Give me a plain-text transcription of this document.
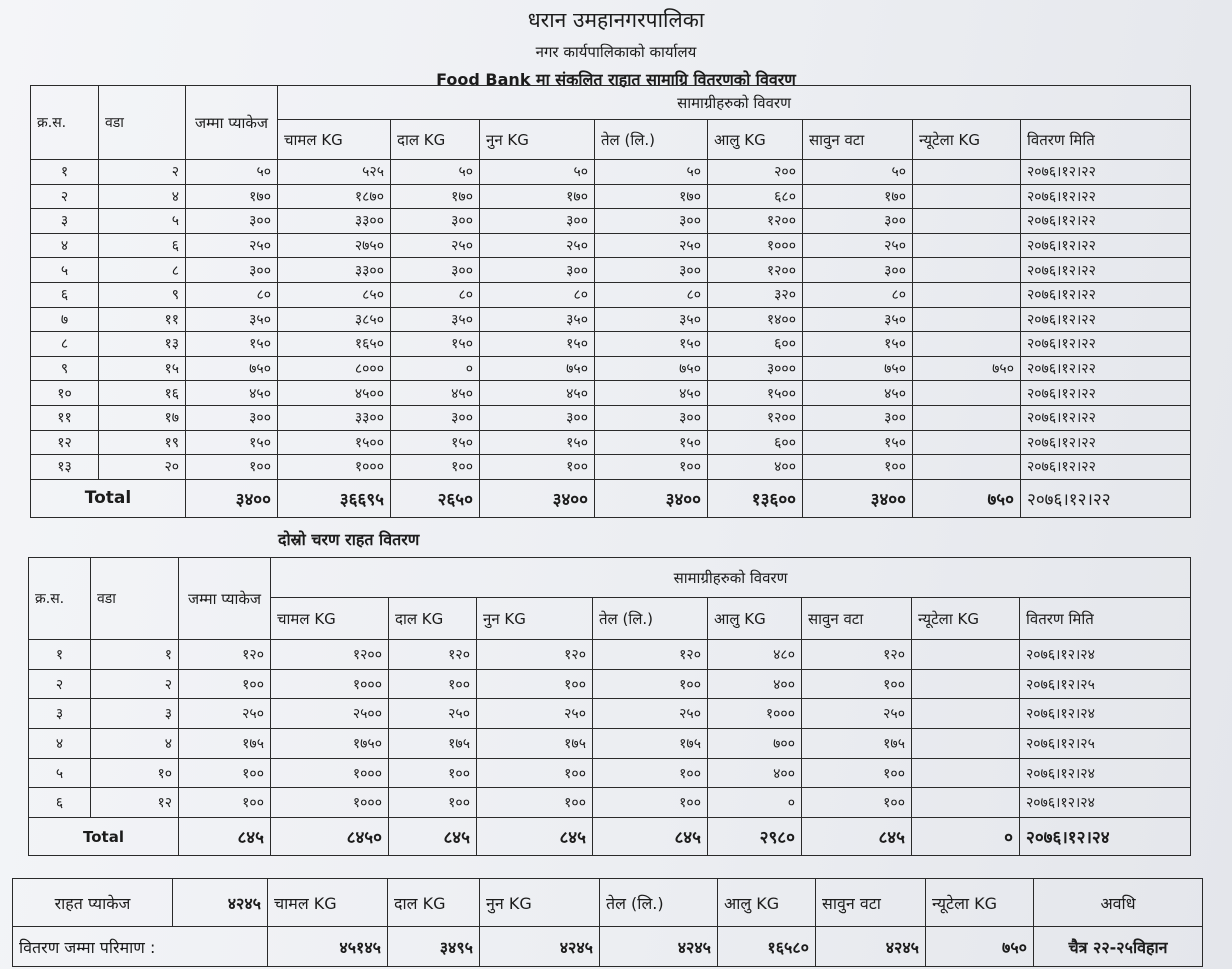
धरान उमहानगरपालिका
नगर कार्यपालिकाको कार्यालय
Food Bank मा संकलित राहात सामाग्रि वितरणको विवरण
क्र.स.	वडा	जम्मा प्याकेज	सामाग्रीहरुको विवरण							
			चामल KG	दाल KG	नुन KG	तेल (लि.)	आलु KG	सावुन वटा	न्यूटेला KG	वितरण मिति
१	२	५०	५२५	५०	५०	५०	२००	५०		२०७६।१२।२२
२	४	१७०	१८७०	१७०	१७०	१७०	६८०	१७०		२०७६।१२।२२
३	५	३००	३३००	३००	३००	३००	१२००	३००		२०७६।१२।२२
४	६	२५०	२७५०	२५०	२५०	२५०	१०००	२५०		२०७६।१२।२२
५	८	३००	३३००	३००	३००	३००	१२००	३००		२०७६।१२।२२
६	९	८०	८५०	८०	८०	८०	३२०	८०		२०७६।१२।२२
७	११	३५०	३८५०	३५०	३५०	३५०	१४००	३५०		२०७६।१२।२२
८	१३	१५०	१६५०	१५०	१५०	१५०	६००	१५०		२०७६।१२।२२
९	१५	७५०	८०००	०	७५०	७५०	३०००	७५०	७५०	२०७६।१२।२२
१०	१६	४५०	४५००	४५०	४५०	४५०	१५००	४५०		२०७६।१२।२२
११	१७	३००	३३००	३००	३००	३००	१२००	३००		२०७६।१२।२२
१२	१९	१५०	१५००	१५०	१५०	१५०	६००	१५०		२०७६।१२।२२
१३	२०	१००	१०००	१००	१००	१००	४००	१००		२०७६।१२।२२
Total		३४००	३६६९५	२६५०	३४००	३४००	१३६००	३४००	७५०	२०७६।१२।२२
दोस्रो चरण राहत वितरण
क्र.स.	वडा	जम्मा प्याकेज	सामाग्रीहरुको विवरण							
			चामल KG	दाल KG	नुन KG	तेल (लि.)	आलु KG	सावुन वटा	न्यूटेला KG	वितरण मिति
१	१	१२०	१२००	१२०	१२०	१२०	४८०	१२०		२०७६।१२।२४
२	२	१००	१०००	१००	१००	१००	४००	१००		२०७६।१२।२५
३	३	२५०	२५००	२५०	२५०	२५०	१०००	२५०		२०७६।१२।२४
४	४	१७५	१७५०	१७५	१७५	१७५	७००	१७५		२०७६।१२।२५
५	१०	१००	१०००	१००	१००	१००	४००	१००		२०७६।१२।२४
६	१२	१००	१०००	१००	१००	१००	०	१००		२०७६।१२।२४
Total		८४५	८४५०	८४५	८४५	८४५	२९८०	८४५	०	२०७६।१२।२४
राहत प्याकेज	४२४५	चामल KG	दाल KG	नुन KG	तेल (लि.)	आलु KG	सावुन वटा	न्यूटेला KG	अवधि
वितरण जम्मा परिमाण :		४५१४५	३४९५	४२४५	४२४५	१६५८०	४२४५	७५०	चैत्र २२-२५विहान
